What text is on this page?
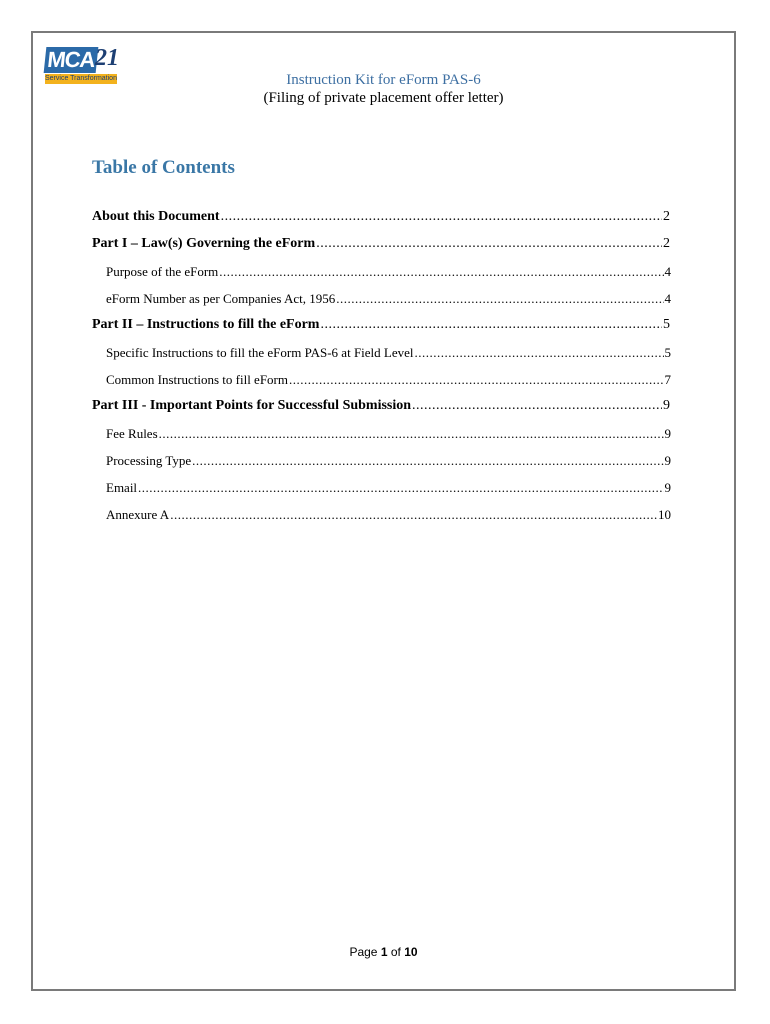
MCA 21
Service Transformation	Instruction Kit for eForm PAS-6
(Filing of private placement offer letter)
Table of Contents
About this Document .....	2
Part I – Law(s) Governing the eForm .....	2
Purpose of the eForm .....	4
eForm Number as per Companies Act, 1956 .....	4
Part II – Instructions to fill the eForm .....	5
Specific Instructions to fill the eForm PAS-6 at Field Level .....	5
Common Instructions to fill eForm .....	7
Part III - Important Points for Successful Submission .....	9
Fee Rules .....	9
Processing Type .....	9
Email .....	9
Annexure A .....	10
Page 1 of 10
